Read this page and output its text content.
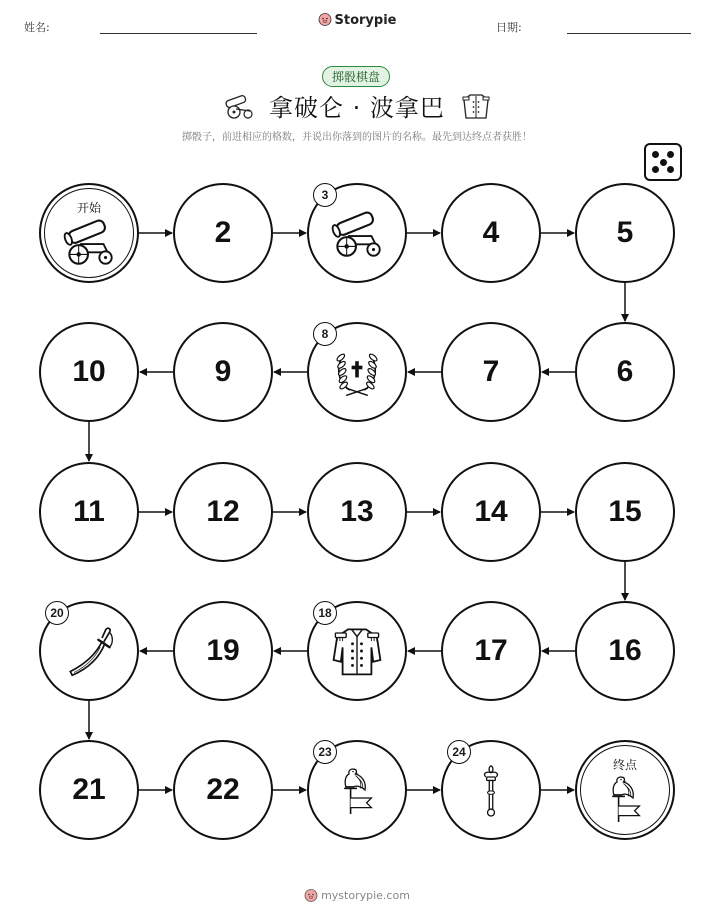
姓名:	Storypie	日期:
掷骰棋盘
拿破仑 · 波拿巴
掷骰子，前进相应的格数，并说出你落到的图片的名称。最先到达终点者获胜！
开始
2
3
4	5
6
7
8
9
10
11	12	13	14	15
16
17
18
19
20
21	22
23	24
终点
mystorypie.com
